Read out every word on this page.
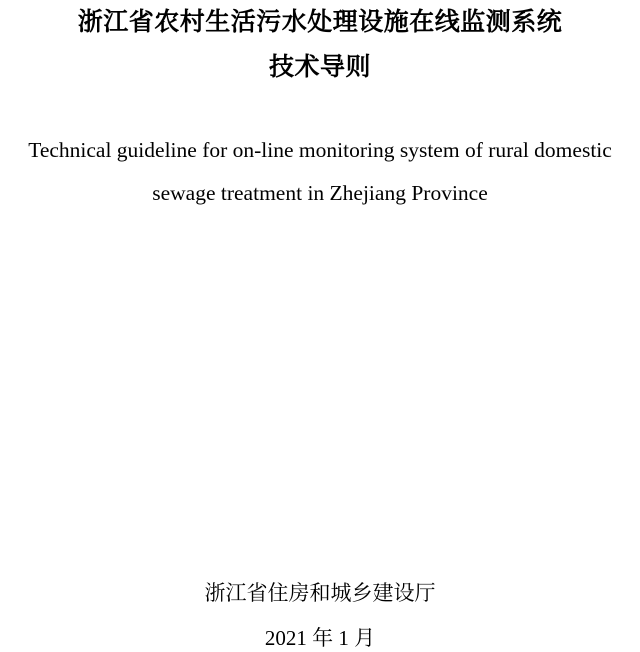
浙江省农村生活污水处理设施在线监测系统
技术导则

Technical guideline for on-line monitoring system of rural domestic

sewage treatment in Zhejiang Province

浙江省住房和城乡建设厅

2021 年 1 月
